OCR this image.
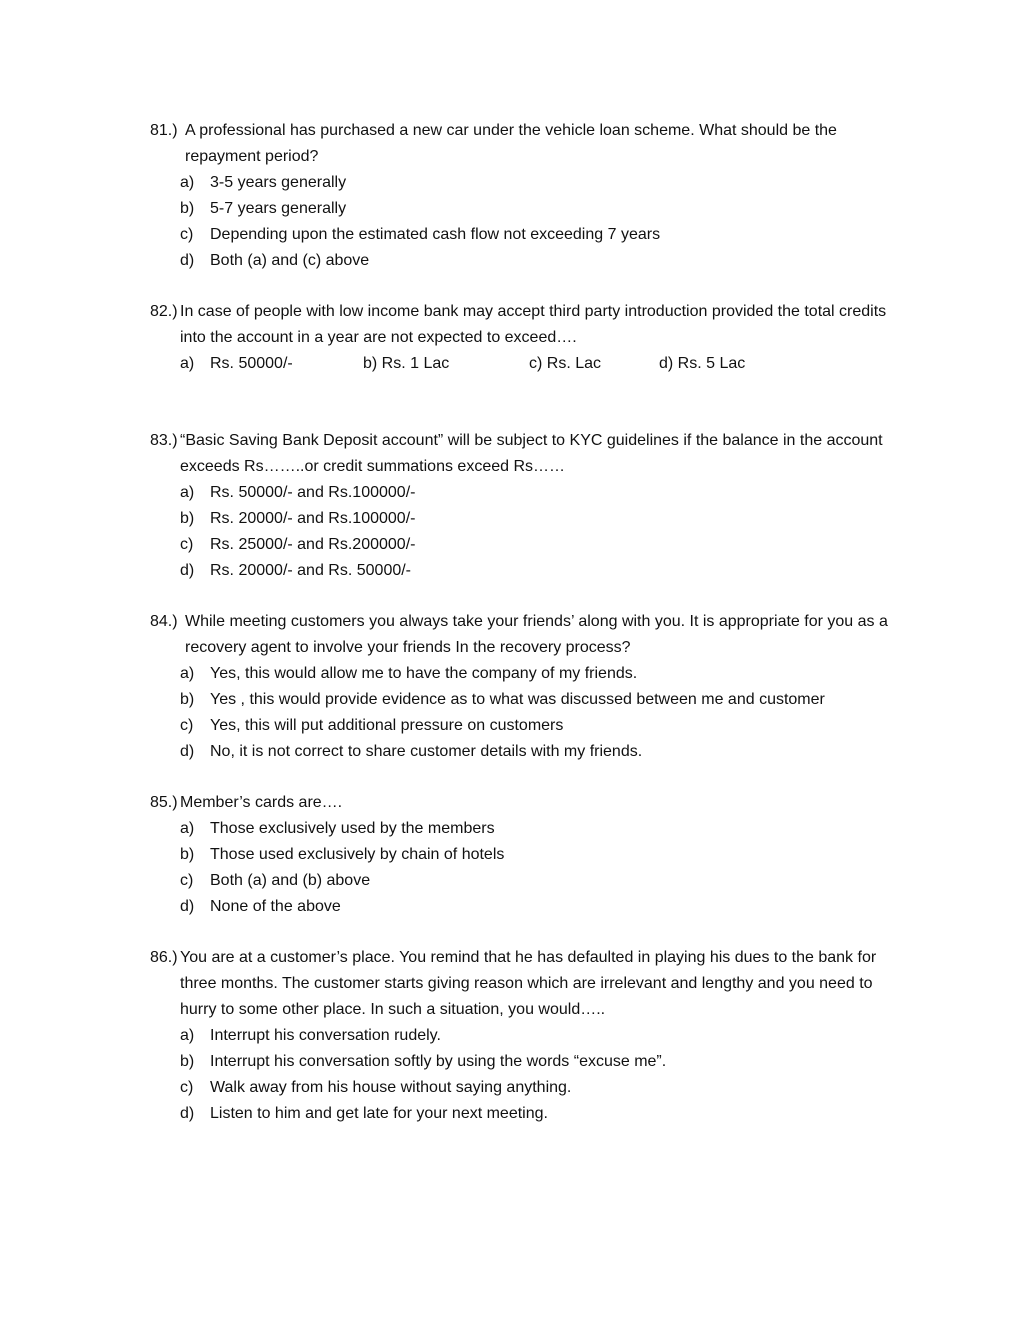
81.) A professional has purchased a new car under the vehicle loan scheme. What should be the repayment period?
a) 3-5 years generally
b) 5-7 years generally
c) Depending upon the estimated cash flow not exceeding 7 years
d) Both (a) and (c) above
82.) In case of people with low income bank may accept third party introduction provided the total credits into the account in a year are not expected to exceed….
a) Rs. 50000/-	b) Rs. 1 Lac	c) Rs. Lac	d) Rs. 5 Lac
83.) “Basic Saving Bank Deposit account” will be subject to KYC guidelines if the balance in the account exceeds Rs……..or credit summations exceed Rs……
a) Rs. 50000/- and Rs.100000/-
b) Rs. 20000/- and Rs.100000/-
c) Rs. 25000/- and Rs.200000/-
d) Rs. 20000/- and Rs. 50000/-
84.) While meeting customers you always take your friends’ along with you. It is appropriate for you as a recovery agent to involve your friends In the recovery process?
a) Yes, this would allow me to have the company of my friends.
b) Yes , this would provide evidence as to what was discussed between me and customer
c) Yes, this will put additional pressure on customers
d) No, it is not correct to share customer details with my friends.
85.) Member’s cards are….
a) Those exclusively used by the members
b) Those used exclusively by chain of hotels
c) Both (a) and (b) above
d) None of the above
86.) You are at a customer’s place. You remind that he has defaulted in playing his dues to the bank for three months. The customer starts giving reason which are irrelevant and lengthy and you need to hurry to some other place. In such a situation, you would…..
a) Interrupt his conversation rudely.
b) Interrupt his conversation softly by using the words “excuse me”.
c) Walk away from his house without saying anything.
d) Listen to him and get late for your next meeting.
